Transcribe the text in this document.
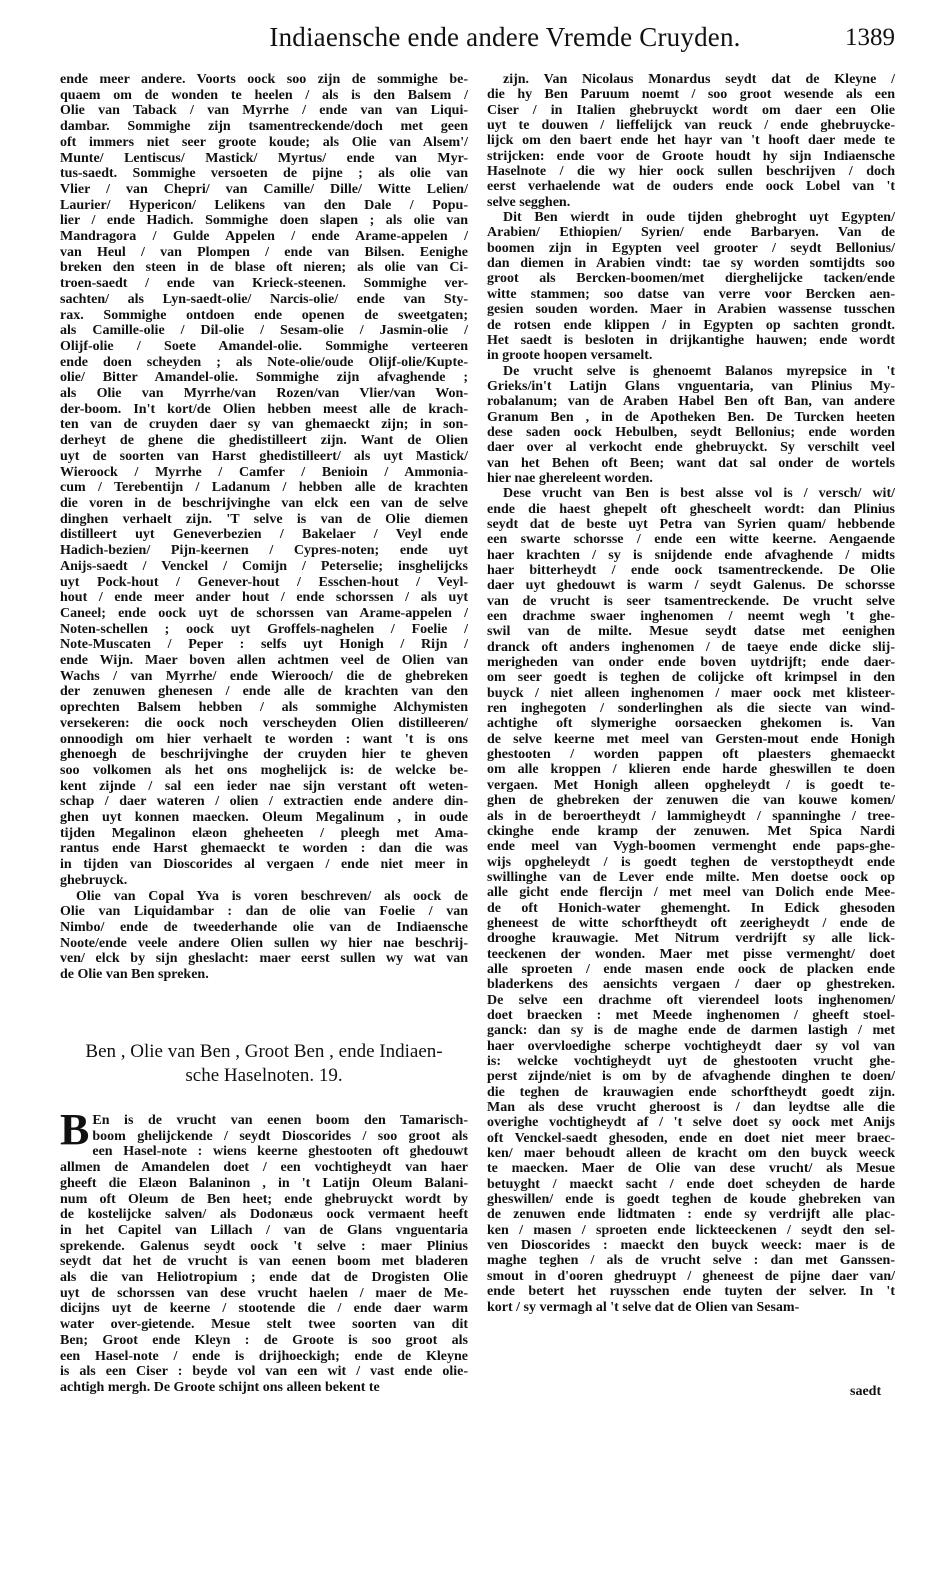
Indiaensche ende andere Vremde Cruyden.	1389
ende meer andere. Voorts oock soo zijn de sommighe be-
quaem om de wonden te heelen / als is den Balsem /
Olie van Taback / van Myrrhe / ende van van Liqui-
dambar. Sommighe zijn tsamentreckende/doch met geen
oft immers niet seer groote koude; als Olie van Alsem'/
Munte/ Lentiscus/ Mastick/ Myrtus/ ende van Myr-
tus-saedt. Sommighe versoeten de pijne ; als olie van
Vlier / van Chepri/ van Camille/ Dille/ Witte Lelien/
Laurier/ Hypericon/ Lelikens van den Dale / Popu-
lier / ende Hadich. Sommighe doen slapen ; als olie van
Mandragora / Gulde Appelen / ende Arame-appelen /
van Heul / van Plompen / ende van Bilsen. Eenighe
breken den steen in de blase oft nieren; als olie van Ci-
troen-saedt / ende van Krieck-steenen. Sommighe ver-
sachten/ als Lyn-saedt-olie/ Narcis-olie/ ende van Sty-
rax. Sommighe ontdoen ende openen de sweetgaten;
als Camille-olie / Dil-olie / Sesam-olie / Jasmin-olie /
Olijf-olie / Soete Amandel-olie. Sommighe verteeren
ende doen scheyden ; als Note-olie/oude Olijf-olie/Kupte-
olie/ Bitter Amandel-olie. Sommighe zijn afvaghende ;
als Olie van Myrrhe/van Rozen/van Vlier/van Won-
der-boom. In't kort/de Olien hebben meest alle de krach-
ten van de cruyden daer sy van ghemaeckt zijn; in son-
derheyt de ghene die ghedistilleert zijn. Want de Olien
uyt de soorten van Harst ghedistilleert/ als uyt Mastick/
Wieroock / Myrrhe / Camfer / Benioin / Ammonia-
cum / Terebentijn / Ladanum / hebben alle de krachten
die voren in de beschrijvinghe van elck een van de selve
dinghen verhaelt zijn. 'T selve is van de Olie diemen
distilleert uyt Geneverbezien / Bakelaer / Veyl ende
Hadich-bezien/ Pijn-keernen / Cypres-noten; ende uyt
Anijs-saedt / Venckel / Comijn / Peterselie; insghelijcks
uyt Pock-hout / Genever-hout / Esschen-hout / Veyl-
hout / ende meer ander hout / ende schorssen / als uyt
Caneel; ende oock uyt de schorssen van Arame-appelen /
Noten-schellen ; oock uyt Groffels-naghelen / Foelie /
Note-Muscaten / Peper : selfs uyt Honigh / Rijn /
ende Wijn. Maer boven allen achtmen veel de Olien van
Wachs / van Myrrhe/ ende Wierooch/ die de ghebreken
der zenuwen ghenesen / ende alle de krachten van den
oprechten Balsem hebben / als sommighe Alchymisten
versekeren: die oock noch verscheyden Olien distilleeren/
onnoodigh om hier verhaelt te worden : want 't is ons
ghenoegh de beschrijvinghe der cruyden hier te gheven
soo volkomen als het ons moghelijck is: de welcke be-
kent zijnde / sal een ieder nae sijn verstant oft weten-
schap / daer wateren / olien / extractien ende andere din-
ghen uyt konnen maecken. Oleum Megalinum , in oude
tijden Megalinon elæon gheheeten / pleegh met Ama-
rantus ende Harst ghemaeckt te worden : dan die was
in tijden van Dioscorides al vergaen / ende niet meer in
ghebruyck.
Olie van Copal Yva is voren beschreven/ als oock de
Olie van Liquidambar : dan de olie van Foelie / van
Nimbo/ ende de tweederhande olie van de Indiaensche
Noote/ende veele andere Olien sullen wy hier nae beschrij-
ven/ elck by sijn gheslacht: maer eerst sullen wy wat van
de Olie van Ben spreken.
Ben , Olie van Ben , Groot Ben , ende Indiaen-
sche Haselnoten. 19.
B En is de vrucht van eenen boom den Tamarisch-
boom ghelijckende / seydt Dioscorides / soo groot als
een Hasel-note : wiens keerne ghestooten oft ghedouwt
allmen de Amandelen doet / een vochtigheydt van haer
gheeft die Elæon Balaninon , in 't Latijn Oleum Balani-
num oft Oleum de Ben heet; ende ghebruyckt wordt by
de kostelijcke salven/ als Dodonæus oock vermaent heeft
in het Capitel van Lillach / van de Glans vnguentaria
sprekende. Galenus seydt oock 't selve : maer Plinius
seydt dat het de vrucht is van eenen boom met bladeren
als die van Heliotropium ; ende dat de Drogisten Olie
uyt de schorssen van dese vrucht haelen / maer de Me-
dicijns uyt de keerne / stootende die / ende daer warm
water over-gietende. Mesue stelt twee soorten van dit
Ben; Groot ende Kleyn : de Groote is soo groot als
een Hasel-note / ende is drijhoeckigh; ende de Kleyne
is als een Ciser : beyde vol van een wit / vast ende olie-
achtigh mergh. De Groote schijnt ons alleen bekent te
zijn. Van Nicolaus Monardus seydt dat de Kleyne /
die hy Ben Paruum noemt / soo groot wesende als een
Ciser / in Italien ghebruyckt wordt om daer een Olie
uyt te douwen / lieffelijck van reuck / ende ghebruycke-
lijck om den baert ende het hayr van 't hooft daer mede te
strijcken: ende voor de Groote houdt hy sijn Indiaensche
Haselnote / die wy hier oock sullen beschrijven / doch
eerst verhaelende wat de ouders ende oock Lobel van 't
selve segghen.
Dit Ben wierdt in oude tijden ghebroght uyt Egypten/
Arabien/ Ethiopien/ Syrien/ ende Barbaryen. Van de
boomen zijn in Egypten veel grooter / seydt Bellonius/
dan diemen in Arabien vindt: tae sy worden somtijdts soo
groot als Bercken-boomen/met dierghelijcke tacken/ende
witte stammen; soo datse van verre voor Bercken aen-
gesien souden worden. Maer in Arabien wassense tusschen
de rotsen ende klippen / in Egypten op sachten grondt.
Het saedt is besloten in drijkantighe hauwen; ende wordt
in groote hoopen versamelt.
De vrucht selve is ghenoemt Balanos myrepsice in 't
Grieks/in't Latijn Glans vnguentaria, van Plinius My-
robalanum; van de Araben Habel Ben oft Ban, van andere
Granum Ben , in de Apotheken Ben. De Turcken heeten
dese saden oock Hebulben, seydt Bellonius; ende worden
daer over al verkocht ende ghebruyckt. Sy verschilt veel
van het Behen oft Been; want dat sal onder de wortels
hier nae ghereleent worden.
Dese vrucht van Ben is best alsse vol is / versch/ wit/
ende die haest ghepelt oft ghescheelt wordt: dan Plinius
seydt dat de beste uyt Petra van Syrien quam/ hebbende
een swarte schorsse / ende een witte keerne. Aengaende
haer krachten / sy is snijdende ende afvaghende / midts
haer bitterheydt / ende oock tsamentreckende. De Olie
daer uyt ghedouwt is warm / seydt Galenus. De schorsse
van de vrucht is seer tsamentreckende. De vrucht selve
een drachme swaer inghenomen / neemt wegh 't ghe-
swil van de milte. Mesue seydt datse met eenighen
dranck oft anders inghenomen / de taeye ende dicke slij-
merigheden van onder ende boven uytdrijft; ende daer-
om seer goedt is teghen de colijcke oft krimpsel in den
buyck / niet alleen inghenomen / maer oock met klisteer-
ren inghegoten / sonderlinghen als die siecte van wind-
achtighe oft slymerighe oorsaecken ghekomen is. Van
de selve keerne met meel van Gersten-mout ende Honigh
ghestooten / worden pappen oft plaesters ghemaeckt
om alle kroppen / klieren ende harde gheswillen te doen
vergaen. Met Honigh alleen opgheleydt / is goedt te-
ghen de ghebreken der zenuwen die van kouwe komen/
als in de beroertheydt / lammigheydt / spanninghe / tree-
ckinghe ende kramp der zenuwen. Met Spica Nardi
ende meel van Vygh-boomen vermenght ende paps-ghe-
wijs opgheleydt / is goedt teghen de verstoptheydt ende
swillinghe van de Lever ende milte. Men doetse oock op
alle gicht ende flercijn / met meel van Dolich ende Mee-
de oft Honich-water ghemenght. In Edick ghesoden
gheneest de witte schorftheydt oft zeerigheydt / ende de
drooghe krauwagie. Met Nitrum verdrijft sy alle lick-
teeckenen der wonden. Maer met pisse vermenght/ doet
alle sproeten / ende masen ende oock de placken ende
bladerkens des aensichts vergaen / daer op ghestreken.
De selve een drachme oft vierendeel loots inghenomen/
doet braecken : met Meede inghenomen / gheeft stoel-
ganck: dan sy is de maghe ende de darmen lastigh / met
haer overvloedighe scherpe vochtigheydt daer sy vol van
is: welcke vochtigheydt uyt de ghestooten vrucht ghe-
perst zijnde/niet is om by de afvaghende dinghen te doen/
die teghen de krauwagien ende schorftheydt goedt zijn.
Man als dese vrucht gheroost is / dan leydtse alle die
overighe vochtigheydt af / 't selve doet sy oock met Anijs
oft Venckel-saedt ghesoden, ende en doet niet meer braec-
ken/ maer behoudt alleen de kracht om den buyck weeck
te maecken. Maer de Olie van dese vrucht/ als Mesue
betuyght / maeckt sacht / ende doet scheyden de harde
gheswillen/ ende is goedt teghen de koude ghebreken van
de zenuwen ende lidtmaten : ende sy verdrijft alle plac-
ken / masen / sproeten ende lickteeckenen / seydt den sel-
ven Dioscorides : maeckt den buyck weeck: maer is de
maghe teghen / als de vrucht selve : dan met Ganssen-
smout in d'ooren ghedruypt / gheneest de pijne daer van/
ende betert het ruysschen ende tuyten der selver. In 't
kort / sy vermagh al 't selve dat de Olien van Sesam-
saedt
